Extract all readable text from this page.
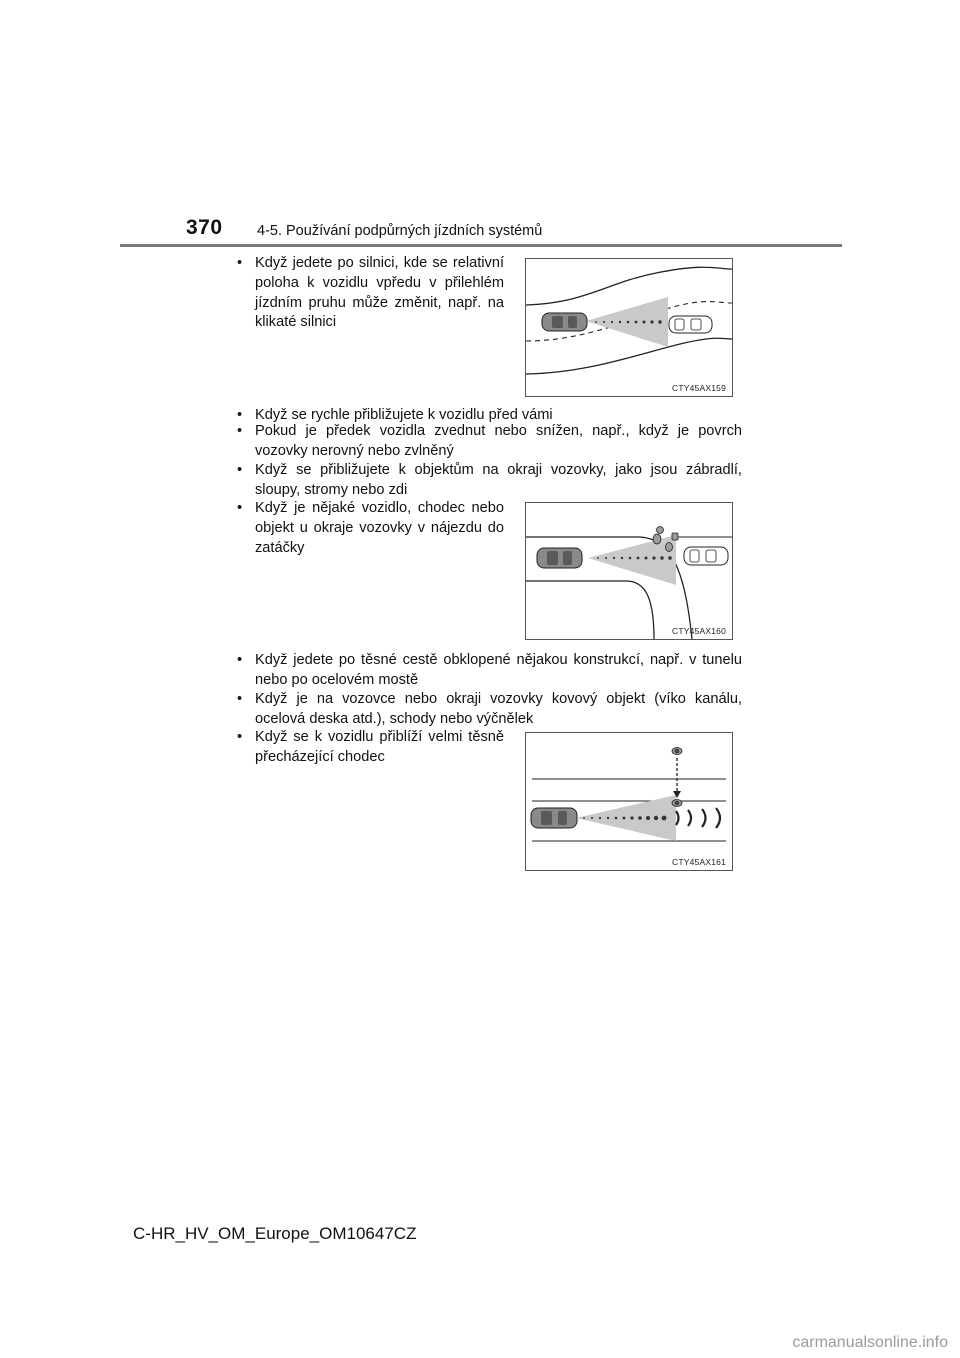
370 4-5. Používání podpůrných jízdních systémů
• Když jedete po silnici, kde se relativní poloha k vozidlu vpředu v přilehlém jízdním pruhu může změnit, např. na klikaté silnici
CTY45AX159
• Když se rychle přibližujete k vozidlu před vámi
• Pokud je předek vozidla zvednut nebo snížen, např., když je povrch vozovky nerovný nebo zvlněný
• Když se přibližujete k objektům na okraji vozovky, jako jsou zábradlí, sloupy, stromy nebo zdi
• Když je nějaké vozidlo, chodec nebo objekt u okraje vozovky v nájezdu do zatáčky
CTY45AX160
• Když jedete po těsné cestě obklopené nějakou konstrukcí, např. v tunelu nebo po ocelovém mostě
• Když je na vozovce nebo okraji vozovky kovový objekt (víko kanálu, ocelová deska atd.), schody nebo výčnělek
• Když se k vozidlu přiblíží velmi těsně přecházející chodec
CTY45AX161
C-HR_HV_OM_Europe_OM10647CZ
carmanualsonline.info
